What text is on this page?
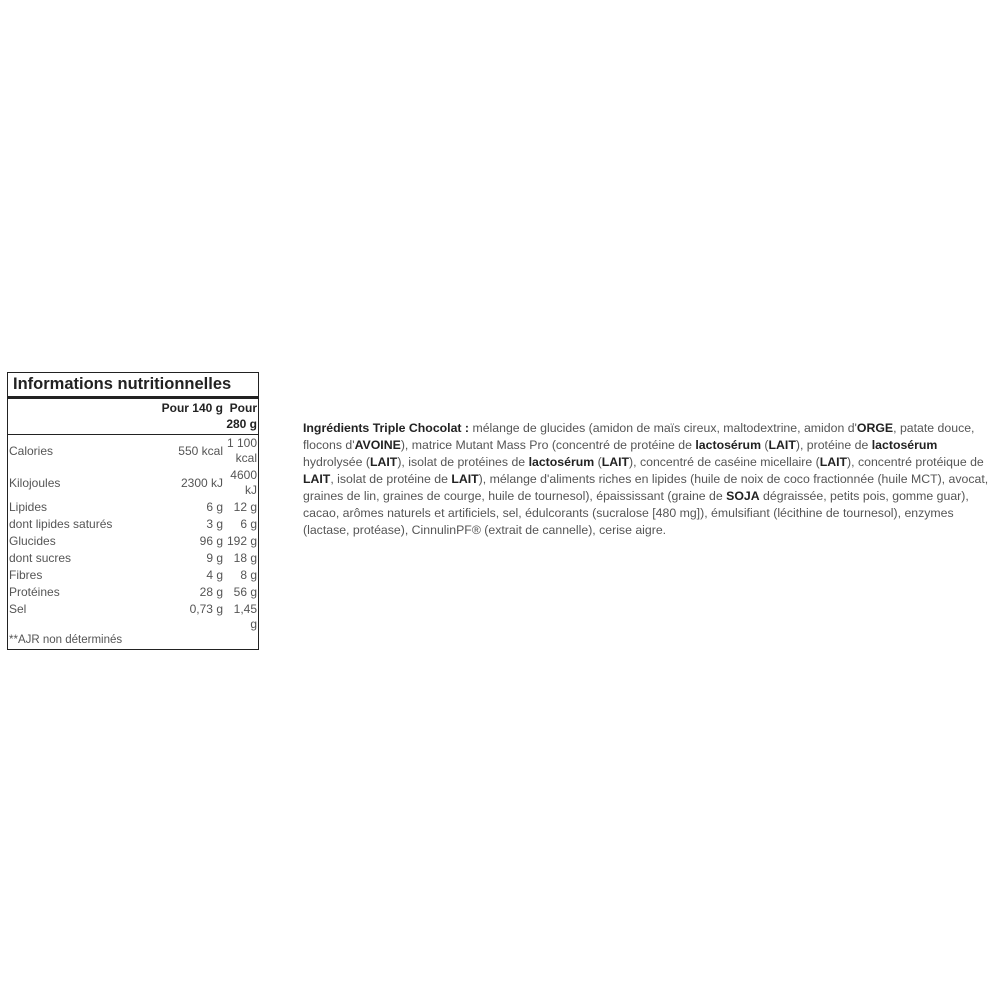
Informations nutritionnelles
	Pour 140 g	Pour 280 g
Calories	550 kcal	1 100 kcal
Kilojoules	2300 kJ	4600 kJ
Lipides	6 g	12 g
dont lipides saturés	3 g	6 g
Glucides	96 g	192 g
dont sucres	9 g	18 g
Fibres	4 g	8 g
Protéines	28 g	56 g
Sel	0,73 g	1,45 g
**AJR non déterminés
Ingrédients Triple Chocolat : mélange de glucides (amidon de maïs cireux, maltodextrine, amidon d'ORGE, patate douce, flocons d'AVOINE), matrice Mutant Mass Pro (concentré de protéine de lactosérum (LAIT), protéine de lactosérum hydrolysée (LAIT), isolat de protéines de lactosérum (LAIT), concentré de caséine micellaire (LAIT), concentré protéique de LAIT, isolat de protéine de LAIT), mélange d'aliments riches en lipides (huile de noix de coco fractionnée (huile MCT), avocat, graines de lin, graines de courge, huile de tournesol), épaississant (graine de SOJA dégraissée, petits pois, gomme guar), cacao, arômes naturels et artificiels, sel, édulcorants (sucralose [480 mg]), émulsifiant (lécithine de tournesol), enzymes (lactase, protéase), CinnulinPF® (extrait de cannelle), cerise aigre.
